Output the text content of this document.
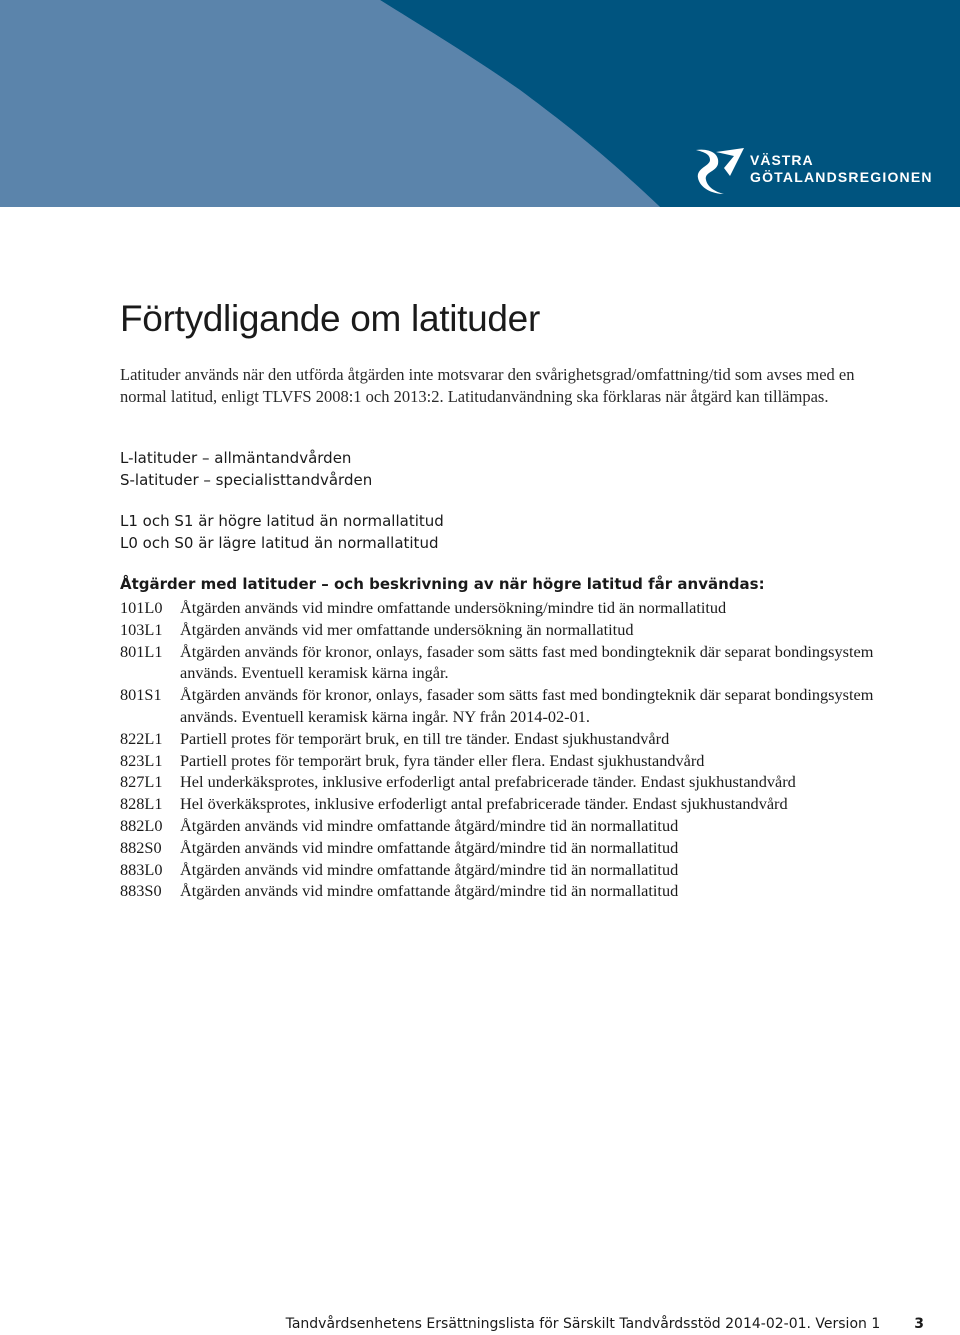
VÄSTRA
GÖTALANDSREGIONEN
Förtydligande om latituder

Latituder används när den utförda åtgärden inte motsvarar den svårighetsgrad/omfattning/tid som avses med en normal latitud, enligt TLVFS 2008:1 och 2013:2. Latitudanvändning ska förklaras när åtgärd kan tillämpas.

L-latituder – allmäntandvården
S-latituder – specialisttandvården
L1 och S1 är högre latitud än normallatitud
L0 och S0 är lägre latitud än normallatitud
Åtgärder med latituder – och beskrivning av när högre latitud får användas:
101L0	Åtgärden används vid mindre omfattande undersökning/mindre tid än normallatitud
103L1	Åtgärden används vid mer omfattande undersökning än normallatitud
801L1	Åtgärden används för kronor, onlays, fasader som sätts fast med bondingteknik där separat bondingsystem används. Eventuell keramisk kärna ingår.
801S1	Åtgärden används för kronor, onlays, fasader som sätts fast med bondingteknik där separat bondingsystem används. Eventuell keramisk kärna ingår. NY från 2014-02-01.
822L1	Partiell protes för temporärt bruk, en till tre tänder. Endast sjukhustandvård
823L1	Partiell protes för temporärt bruk, fyra tänder eller flera. Endast sjukhustandvård
827L1	Hel underkäksprotes, inklusive erfoderligt antal prefabricerade tänder. Endast sjukhustandvård
828L1	Hel överkäksprotes, inklusive erfoderligt antal prefabricerade tänder. Endast sjukhustandvård
882L0	Åtgärden används vid mindre omfattande åtgärd/mindre tid än normallatitud
882S0	Åtgärden används vid mindre omfattande åtgärd/mindre tid än normallatitud
883L0	Åtgärden används vid mindre omfattande åtgärd/mindre tid än normallatitud
883S0	Åtgärden används vid mindre omfattande åtgärd/mindre tid än normallatitud
Tandvårdsenhetens Ersättningslista för Särskilt Tandvårdsstöd 2014-02-01. Version 1 3
